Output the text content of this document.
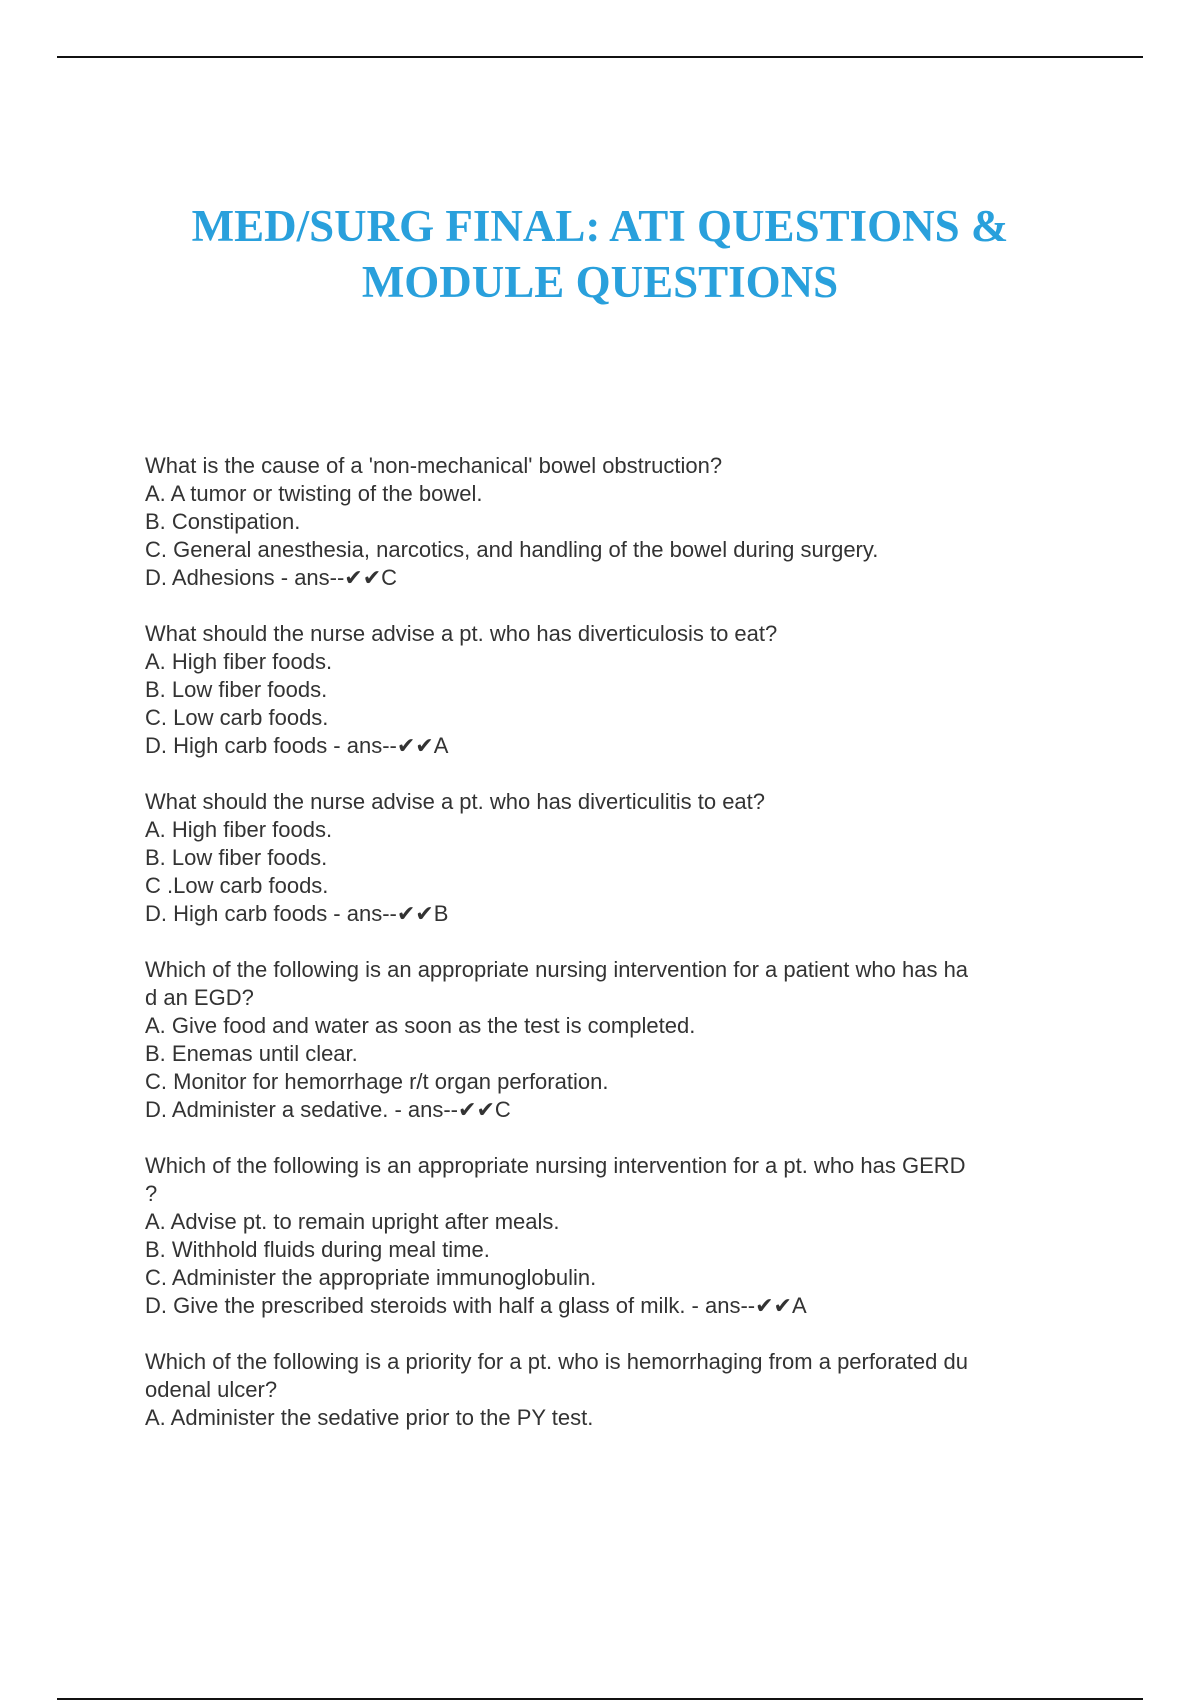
MED/SURG FINAL: ATI QUESTIONS &
MODULE QUESTIONS
What is the cause of a 'non-mechanical' bowel obstruction?
A. A tumor or twisting of the bowel.
B. Constipation.
C. General anesthesia, narcotics, and handling of the bowel during surgery.
D. Adhesions - ans--✔✔C
What should the nurse advise a pt. who has diverticulosis to eat?
A. High fiber foods.
B. Low fiber foods.
C. Low carb foods.
D. High carb foods - ans--✔✔A
What should the nurse advise a pt. who has diverticulitis to eat?
A. High fiber foods.
B. Low fiber foods.
C .Low carb foods.
D. High carb foods - ans--✔✔B
Which of the following is an appropriate nursing intervention for a patient who has ha
d an EGD?
A. Give food and water as soon as the test is completed.
B. Enemas until clear.
C. Monitor for hemorrhage r/t organ perforation.
D. Administer a sedative. - ans--✔✔C
Which of the following is an appropriate nursing intervention for a pt. who has GERD
?
A. Advise pt. to remain upright after meals.
B. Withhold fluids during meal time.
C. Administer the appropriate immunoglobulin.
D. Give the prescribed steroids with half a glass of milk. - ans--✔✔A
Which of the following is a priority for a pt. who is hemorrhaging from a perforated du
odenal ulcer?
A. Administer the sedative prior to the PY test.
